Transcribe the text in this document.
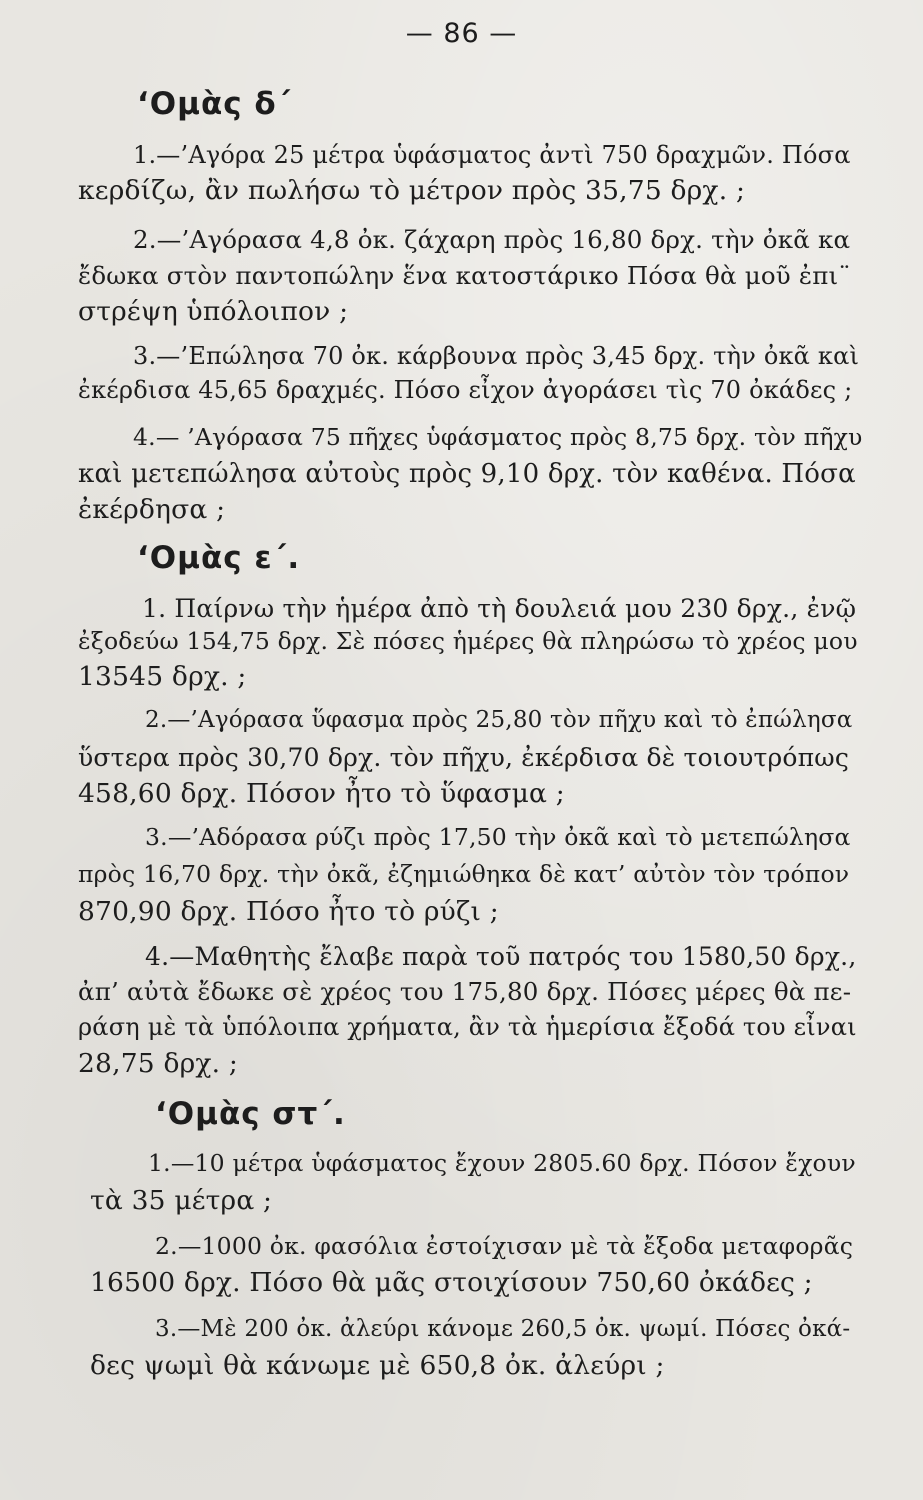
— 86 —
‘Ομὰς δ΄
1.—’Αγόρα 25 μέτρα ὑφάσματος ἀντὶ 750 δραχμῶν. Πόσα
κερδίζω, ἂν πωλήσω τὸ μέτρον πρὸς 35,75 δρχ. ;
2.—’Αγόρασα 4,8 ὀκ. ζάχαρη πρὸς 16,80 δρχ. τὴν ὀκᾶ κα
ἔδωκα στὸν παντοπώλην ἕνα κατοστάρικο Πόσα θὰ μοῦ ἐπι¨
στρέψη ὑπόλοιπον ;
3.—’Επώλησα 70 ὀκ. κάρβουνα πρὸς 3,45 δρχ. τὴν ὀκᾶ καὶ
ἐκέρδισα 45,65 δραχμές. Πόσο εἶχον ἀγοράσει τὶς 70 ὀκάδες ;
4.— ’Αγόρασα 75 πῆχες ὑφάσματος πρὸς 8,75 δρχ. τὸν πῆχυ
καὶ μετεπώλησα αὐτοὺς πρὸς 9,10 δρχ. τὸν καθένα. Πόσα
ἐκέρδησα ;
‘Ομὰς ε΄.
1. Παίρνω τὴν ἡμέρα ἀπὸ τὴ δουλειά μου 230 δρχ., ἐνῷ
ἐξοδεύω 154,75 δρχ. Σὲ πόσες ἡμέρες θὰ πληρώσω τὸ χρέος μου
13545 δρχ. ;
2.—’Αγόρασα ὕφασμα πρὸς 25,80 τὸν πῆχυ καὶ τὸ ἐπώλησα
ὕστερα πρὸς 30,70 δρχ. τὸν πῆχυ, ἐκέρδισα δὲ τοιουτρόπως
458,60 δρχ. Πόσον ἦτο τὸ ὕφασμα ;
3.—’Αδόρασα ρύζι πρὸς 17,50 τὴν ὀκᾶ καὶ τὸ μετεπώλησα
πρὸς 16,70 δρχ. τὴν ὀκᾶ, ἐζημιώθηκα δὲ κατ’ αὐτὸν τὸν τρόπον
870,90 δρχ. Πόσο ἦτο τὸ ρύζι ;
4.—Μαθητὴς ἔλαβε παρὰ τοῦ πατρός του 1580,50 δρχ.,
ἀπ’ αὐτὰ ἔδωκε σὲ χρέος του 175,80 δρχ. Πόσες μέρες θὰ πε-
ράση μὲ τὰ ὑπόλοιπα χρήματα, ἂν τὰ ἡμερίσια ἔξοδά του εἶναι
28,75 δρχ. ;
‘Ομὰς στ΄.
1.—10 μέτρα ὑφάσματος ἔχουν 2805.60 δρχ. Πόσον ἔχουν
τὰ 35 μέτρα ;
2.—1000 ὀκ. φασόλια ἐστοίχισαν μὲ τὰ ἔξοδα μεταφορᾶς
16500 δρχ. Πόσο θὰ μᾶς στοιχίσουν 750,60 ὀκάδες ;
3.—Μὲ 200 ὀκ. ἀλεύρι κάνομε 260,5 ὀκ. ψωμί. Πόσες ὀκά-
δες ψωμὶ θὰ κάνωμε μὲ 650,8 ὀκ. ἀλεύρι ;
